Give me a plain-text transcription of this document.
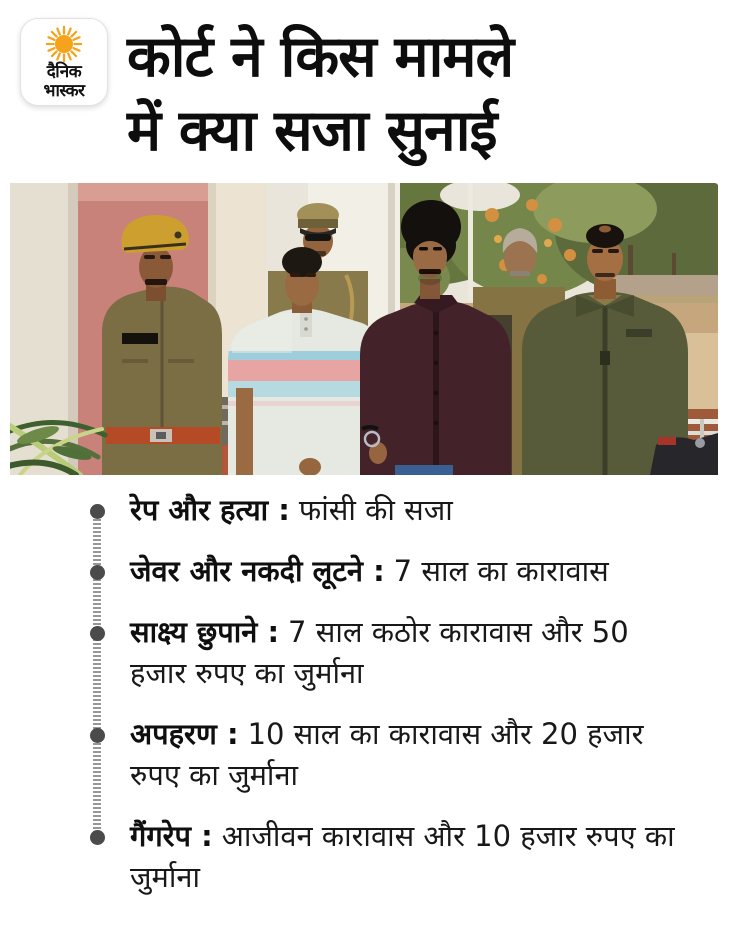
दैनिक
भास्कर
कोर्ट ने किस मामले
में क्या सजा सुनाई
रेप और हत्या : फांसी की सजा
जेवर और नकदी लूटने : 7 साल का कारावास
साक्ष्य छुपाने : 7 साल कठोर कारावास और 50 हजार रुपए का जुर्माना
अपहरण : 10 साल का कारावास और 20 हजार रुपए का जुर्माना
गैंगरेप : आजीवन कारावास और 10 हजार रुपए का जुर्माना
